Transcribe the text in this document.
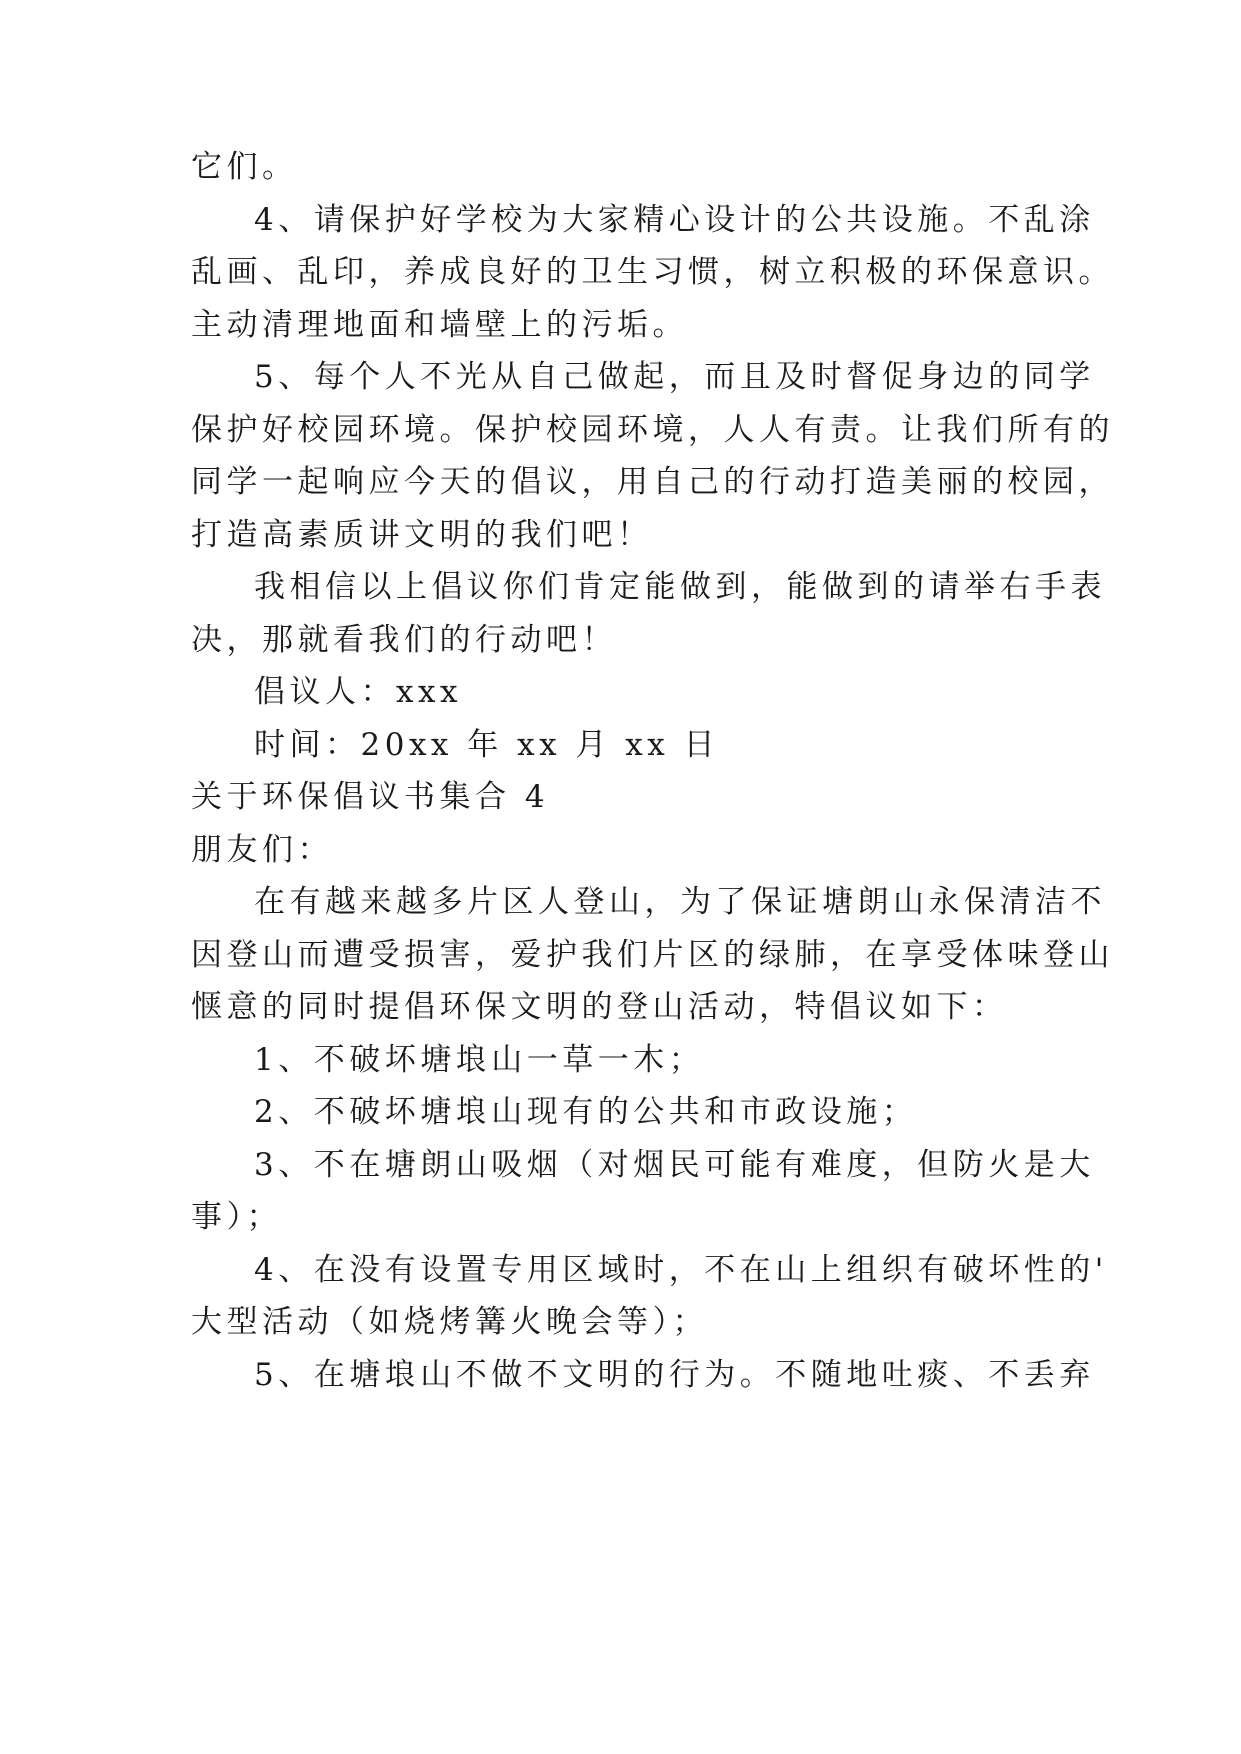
它们。
4、请保护好学校为大家精心设计的公共设施。不乱涂
乱画、乱印，养成良好的卫生习惯，树立积极的环保意识。
主动清理地面和墙壁上的污垢。
5、每个人不光从自己做起，而且及时督促身边的同学
保护好校园环境。保护校园环境，人人有责。让我们所有的
同学一起响应今天的倡议，用自己的行动打造美丽的校园，
打造高素质讲文明的我们吧！
我相信以上倡议你们肯定能做到，能做到的请举右手表
决，那就看我们的行动吧！
倡议人：xxx
时间：20xx 年 xx 月 xx 日
关于环保倡议书集合 4
朋友们：
在有越来越多片区人登山，为了保证塘朗山永保清洁不
因登山而遭受损害，爱护我们片区的绿肺，在享受体味登山
惬意的同时提倡环保文明的登山活动，特倡议如下：
1、不破坏塘埌山一草一木；
2、不破坏塘埌山现有的公共和市政设施；
3、不在塘朗山吸烟（对烟民可能有难度，但防火是大
事）；
4、在没有设置专用区域时，不在山上组织有破坏性的'
大型活动（如烧烤篝火晚会等）；
5、在塘埌山不做不文明的行为。不随地吐痰、不丢弃
